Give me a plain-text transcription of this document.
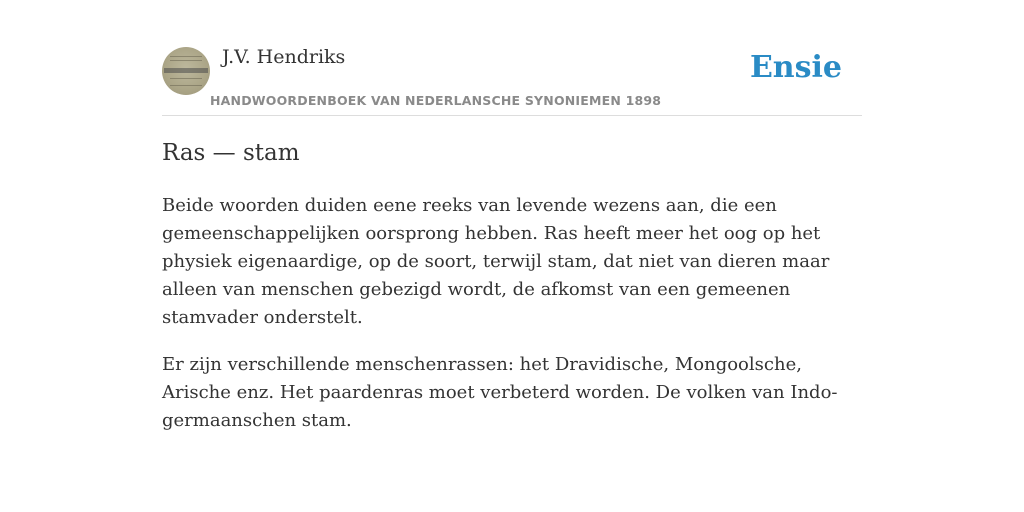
J.V. Hendriks
HANDWOORDENBOEK VAN NEDERLANSCHE SYNONIEMEN 1898
Ensie
Ras — stam

Beide woorden duiden eene reeks van levende wezens aan, die een gemeenschappelijken oorsprong hebben. Ras heeft meer het oog op het physiek eigenaardige, op de soort, terwijl stam, dat niet van dieren maar alleen van menschen gebezigd wordt, de afkomst van een gemeenen stamvader onderstelt.

Er zijn verschillende menschenrassen: het Dravidische, Mongoolsche, Arische enz. Het paardenras moet verbeterd worden. De volken van Indo-germaanschen stam.
